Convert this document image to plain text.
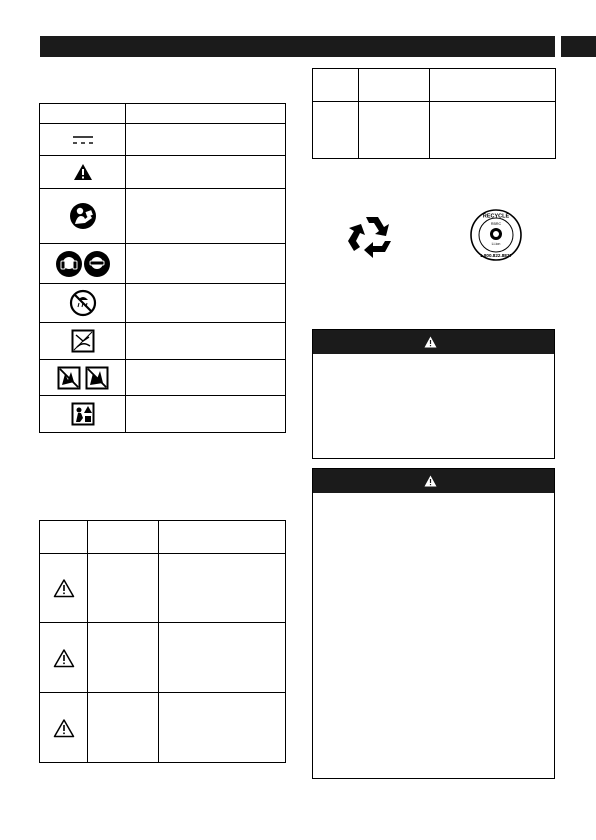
RECYCLE
RBRC
Li-ion
1.800.822.8837
